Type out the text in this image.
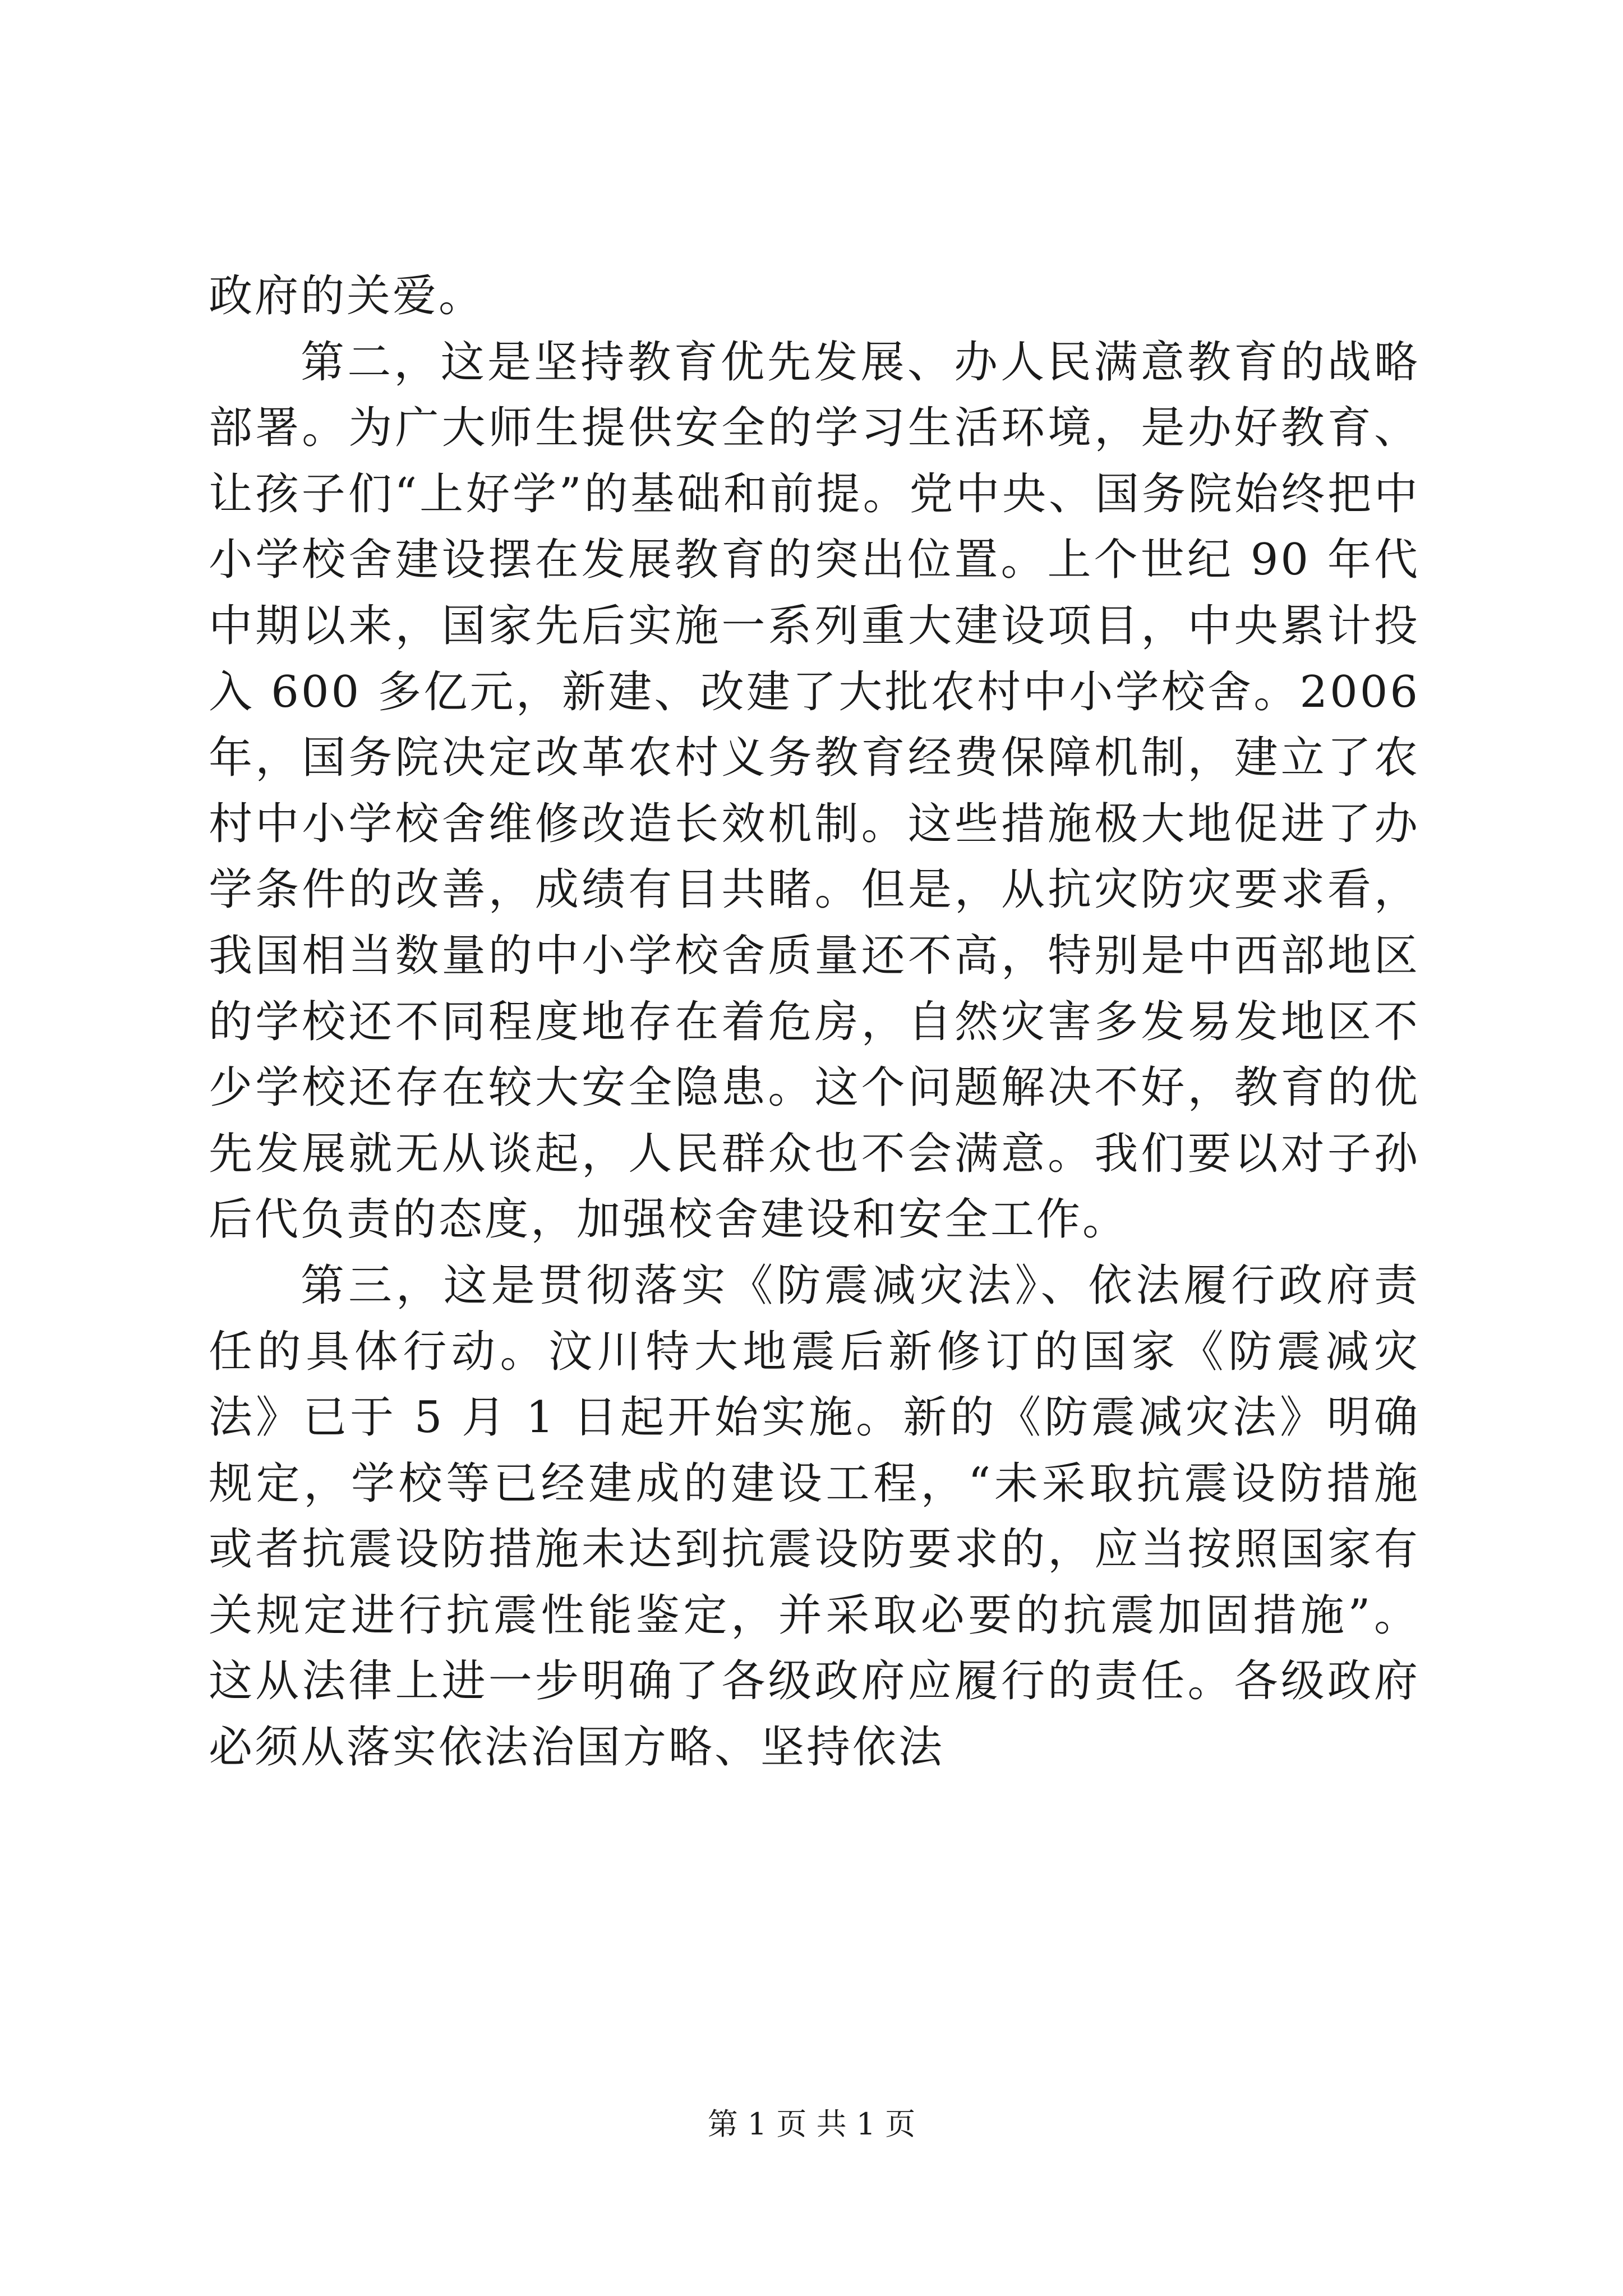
政府的关爱。

第二，这是坚持教育优先发展、办人民满意教育的战略部署。为广大师生提供安全的学习生活环境，是办好教育、让孩子们“上好学”的基础和前提。党中央、国务院始终把中小学校舍建设摆在发展教育的突出位置。上个世纪 90 年代中期以来，国家先后实施一系列重大建设项目，中央累计投入 600 多亿元，新建、改建了大批农村中小学校舍。2006 年，国务院决定改革农村义务教育经费保障机制，建立了农村中小学校舍维修改造长效机制。这些措施极大地促进了办学条件的改善，成绩有目共睹。但是，从抗灾防灾要求看，我国相当数量的中小学校舍质量还不高，特别是中西部地区的学校还不同程度地存在着危房，自然灾害多发易发地区不少学校还存在较大安全隐患。这个问题解决不好，教育的优先发展就无从谈起，人民群众也不会满意。我们要以对子孙后代负责的态度，加强校舍建设和安全工作。

第三，这是贯彻落实《防震减灾法》、依法履行政府责任的具体行动。汶川特大地震后新修订的国家《防震减灾法》已于 5 月 1 日起开始实施。新的《防震减灾法》明确规定，学校等已经建成的建设工程，“未采取抗震设防措施或者抗震设防措施未达到抗震设防要求的，应当按照国家有关规定进行抗震性能鉴定，并采取必要的抗震加固措施”。这从法律上进一步明确了各级政府应履行的责任。各级政府必须从落实依法治国方略、坚持依法

第 1 页 共 1 页
